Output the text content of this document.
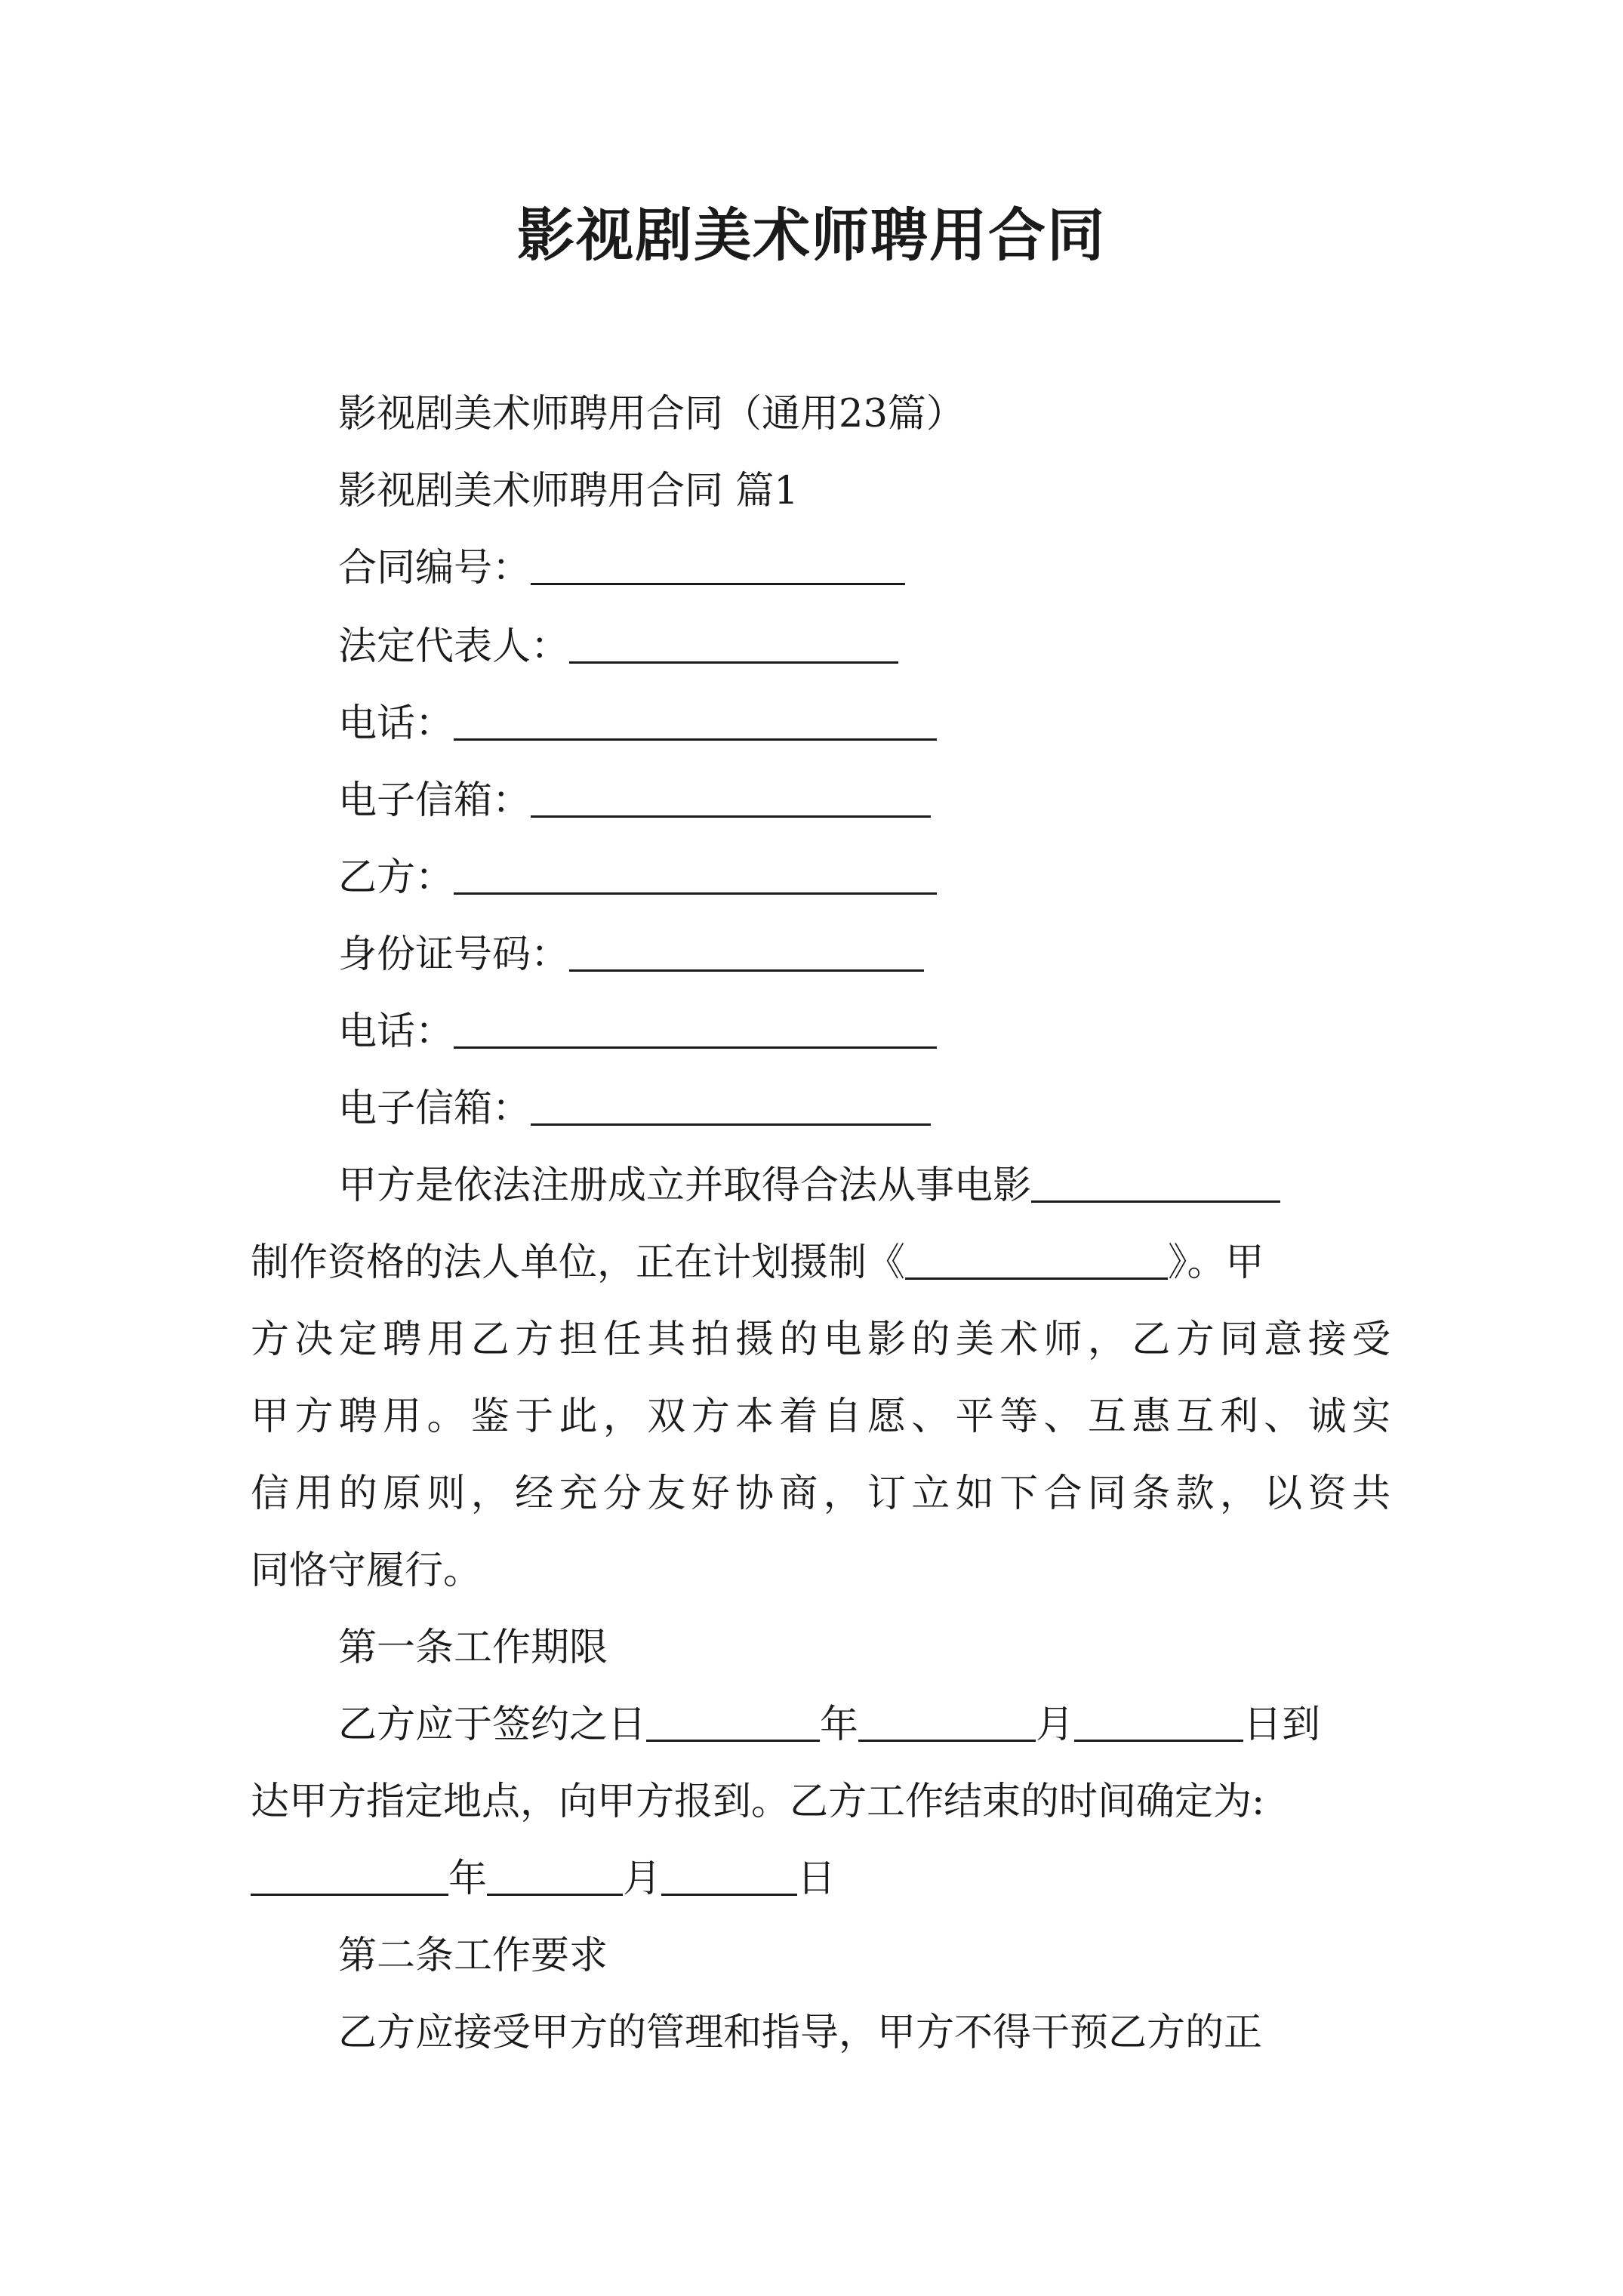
影视剧美术师聘用合同
影视剧美术师聘用合同（通用23篇）
影视剧美术师聘用合同 篇1
合同编号：
法定代表人：
电话：
电子信箱：
乙方：
身份证号码：
电话：
电子信箱：
甲方是依法注册成立并取得合法从事电影
制作资格的法人单位，正在计划摄制《	》。甲
方决定聘用乙方担任其拍摄的电影的美术师，乙方同意接受
甲方聘用。鉴于此，双方本着自愿、平等、互惠互利、诚实
信用的原则，经充分友好协商，订立如下合同条款，以资共
同恪守履行。
第一条工作期限
乙方应于签约之日	年	月	日到
达甲方指定地点，向甲方报到。乙方工作结束的时间确定为:
年	月	日
第二条工作要求
乙方应接受甲方的管理和指导，甲方不得干预乙方的正
